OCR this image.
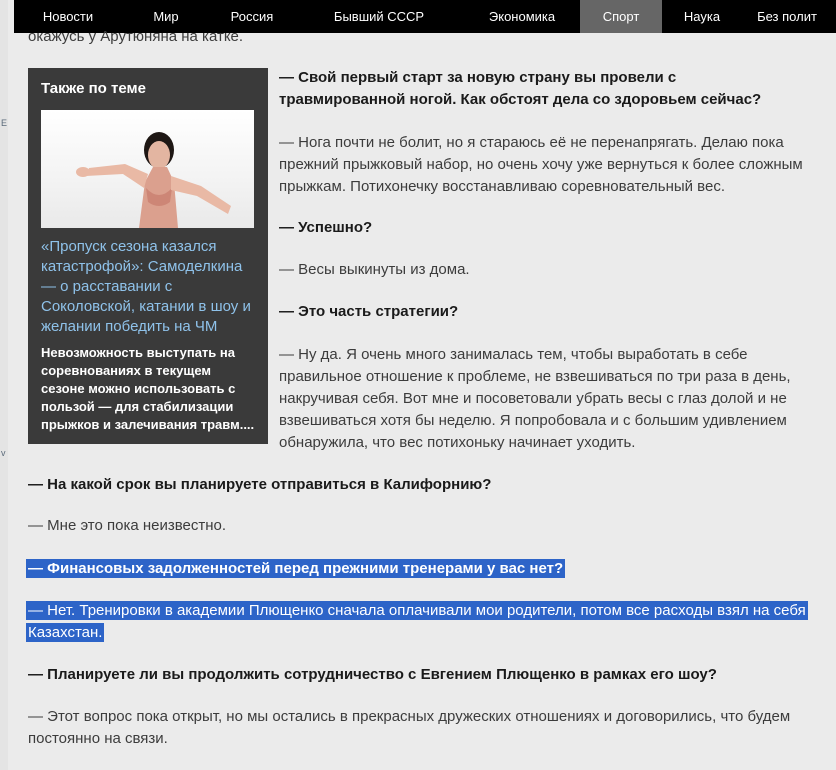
E
v
Новости	Мир	Россия	Бывший СССР	Экономика	Спорт	Наука	Без полит
окажусь у Арутюняна на катке.
Также по теме
«Пропуск сезона казался катастрофой»: Самоделкина — о расставании с Соколовской, катании в шоу и желании победить на ЧМ
Невозможность выступать на соревнованиях в текущем сезоне можно использовать с пользой — для стабилизации прыжков и залечивания травм....

— Свой первый старт за новую страну вы провели с травмированной ногой. Как обстоят дела со здоровьем сейчас?

— Нога почти не болит, но я стараюсь её не перенапрягать. Делаю пока прежний прыжковый набор, но очень хочу уже вернуться к более сложным прыжкам. Потихонечку восстанавливаю соревновательный вес.

— Успешно?

— Весы выкинуты из дома.

— Это часть стратегии?

— Ну да. Я очень много занималась тем, чтобы выработать в себе правильное отношение к проблеме, не взвешиваться по три раза в день, накручивая себя. Вот мне и посоветовали убрать весы с глаз долой и не взвешиваться хотя бы неделю. Я попробовала и с большим удивлением обнаружила, что вес потихоньку начинает уходить.

— На какой срок вы планируете отправиться в Калифорнию?

— Мне это пока неизвестно.

— Финансовых задолженностей перед прежними тренерами у вас нет?

— Нет. Тренировки в академии Плющенко сначала оплачивали мои родители, потом все расходы взял на себя Казахстан.

— Планируете ли вы продолжить сотрудничество с Евгением Плющенко в рамках его шоу?

— Этот вопрос пока открыт, но мы остались в прекрасных дружеских отношениях и договорились, что будем постоянно на связи.
